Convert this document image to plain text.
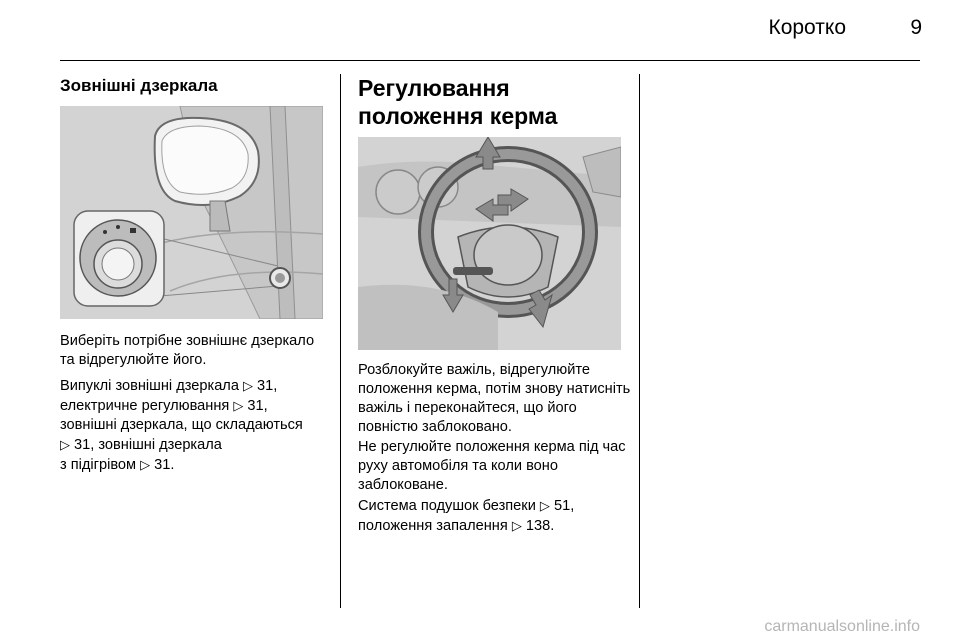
Коротко	9
Зовнішні дзеркала
Виберіть потрібне зовнішнє дзеркало та відрегулюйте його.
Випуклі зовнішні дзеркала ▷ 31,
електричне регулювання ▷ 31,
зовнішні дзеркала, що складаються
▷ 31, зовнішні дзеркала
з підігрівом ▷ 31.
Регулювання положення керма
Розблокуйте важіль, відрегулюйте положення керма, потім знову натисніть важіль і переконайтеся, що його повністю заблоковано.
Не регулюйте положення керма під час руху автомобіля та коли воно заблоковане.
Система подушок безпеки ▷ 51,
положення запалення ▷ 138.
carmanualsonline.info
